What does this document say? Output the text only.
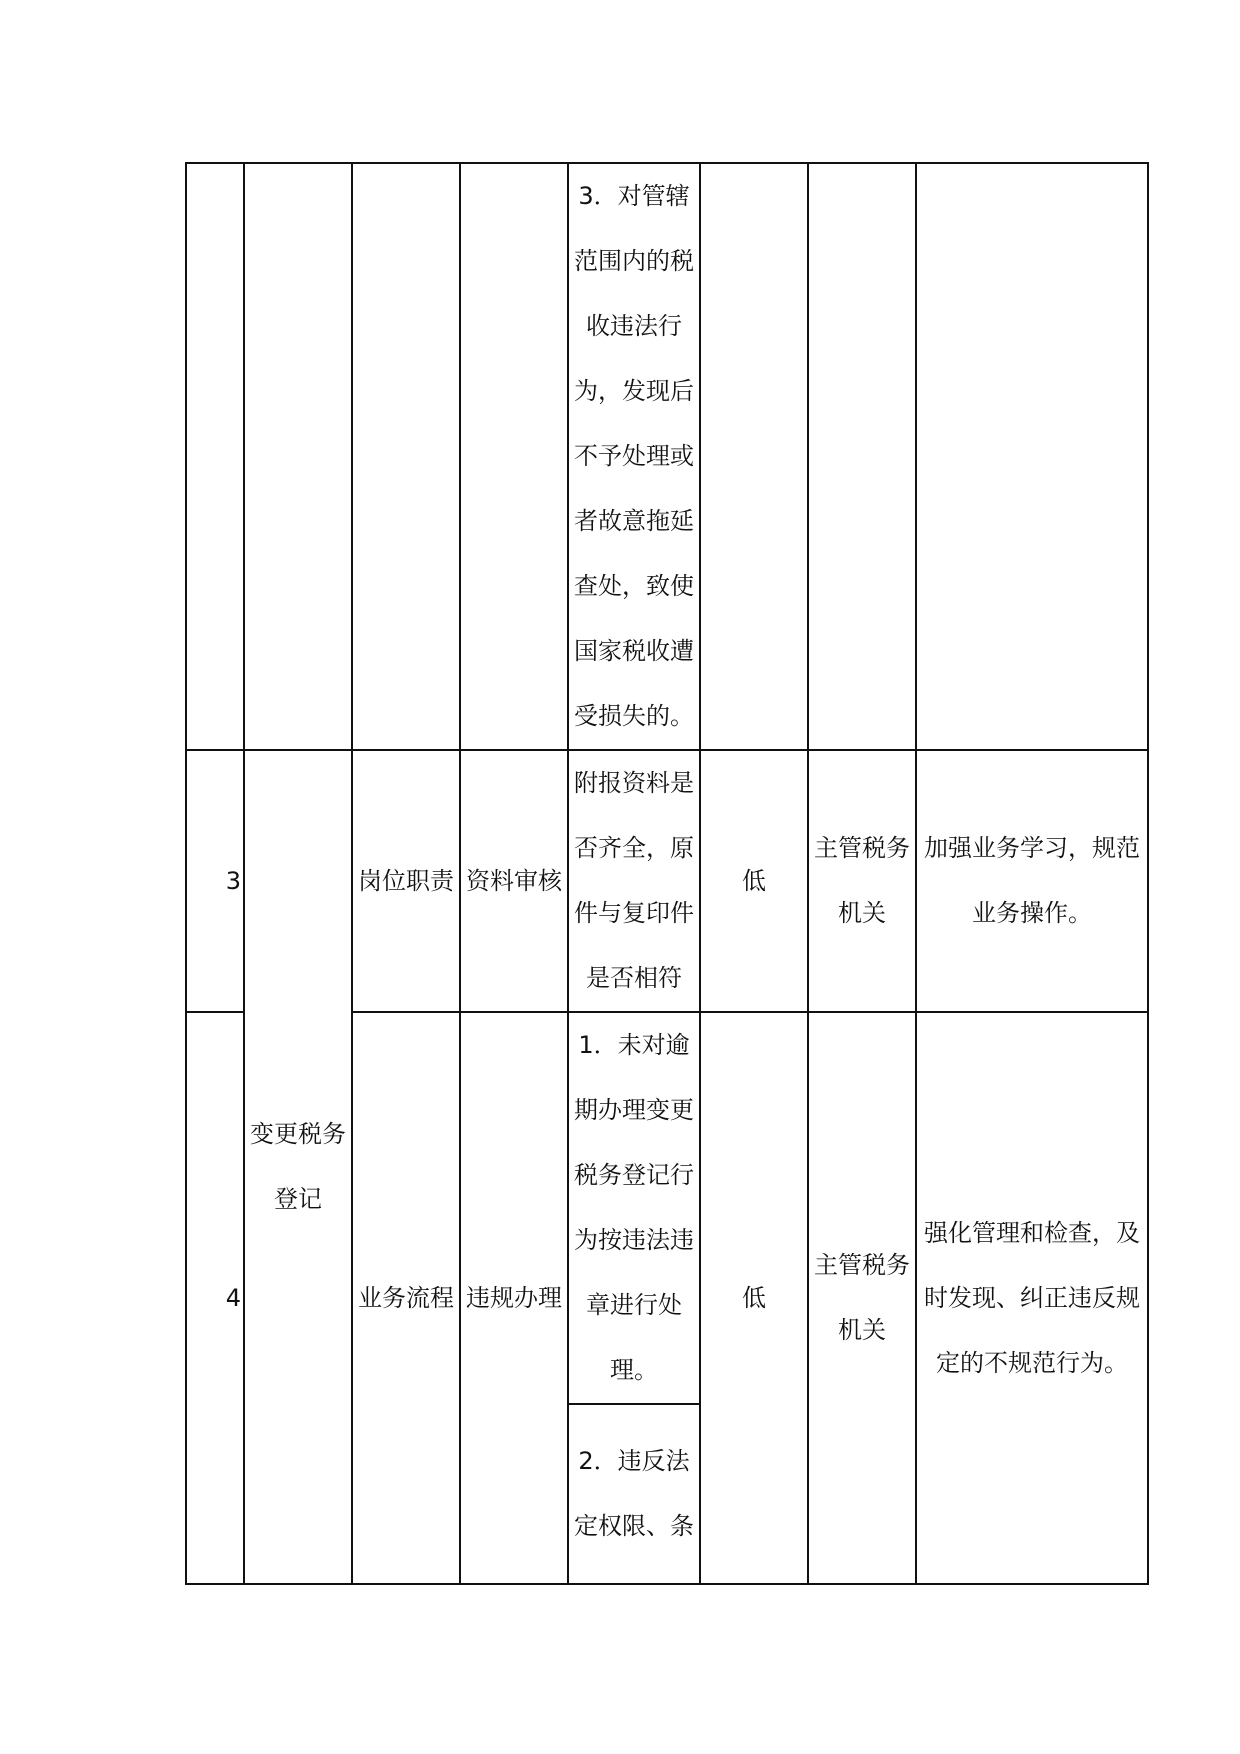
				3．对管辖范围内的税收违法行为，发现后不予处理或者故意拖延查处，致使国家税收遭受损失的。			
3	变更税务登记	岗位职责	资料审核	附报资料是否齐全，原件与复印件是否相符	低	主管税务机关	加强业务学习，规范业务操作。
4		业务流程	违规办理	1．未对逾期办理变更税务登记行为按违法违章进行处理。	低	主管税务机关	强化管理和检查，及时发现、纠正违反规定的不规范行为。
				2．违反法定权限、条			
